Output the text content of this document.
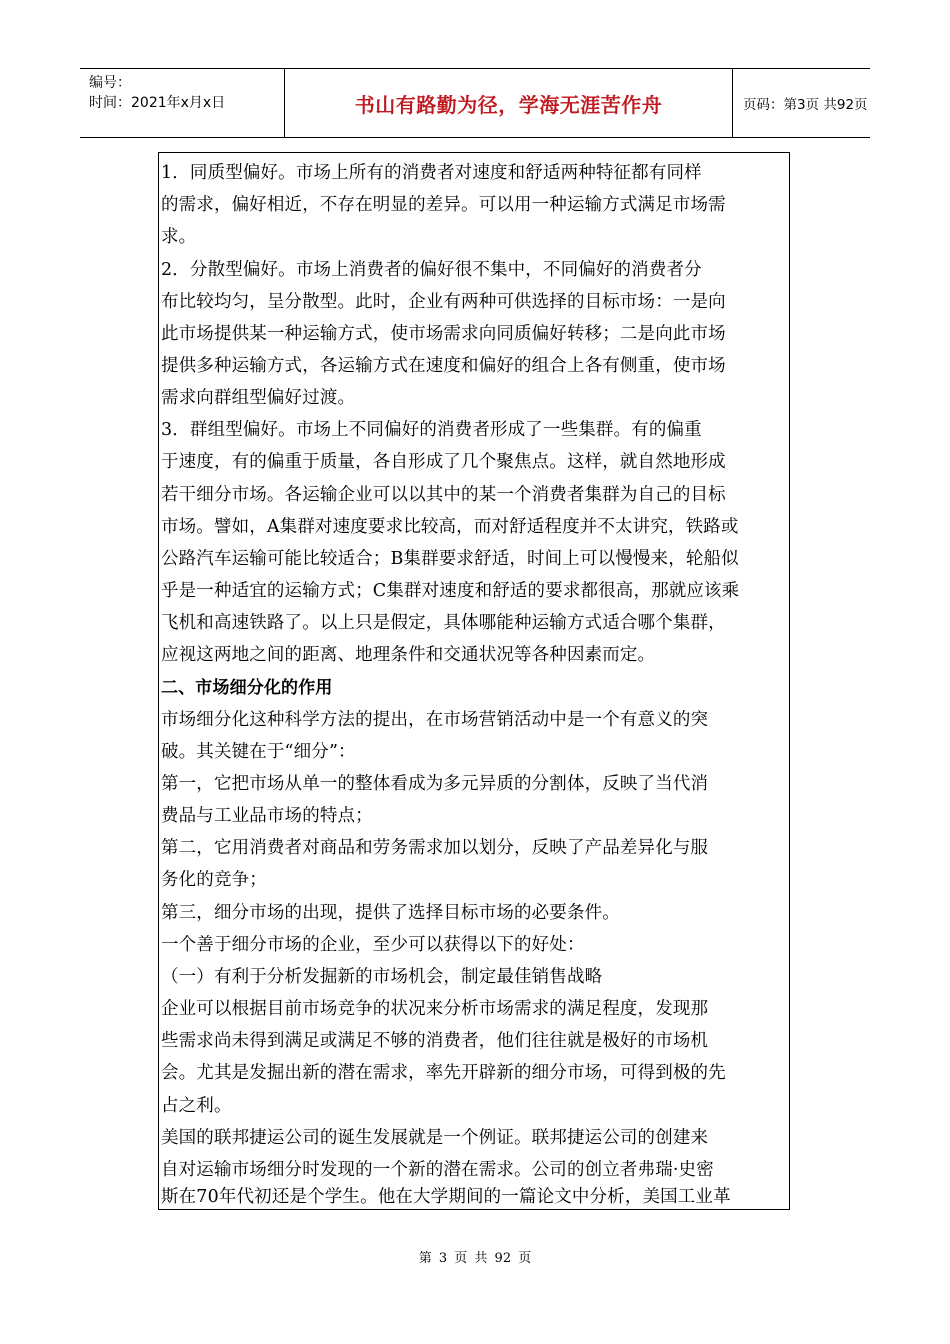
编号：
时间：2021年x月x日	书山有路勤为径，学海无涯苦作舟	页码：第3页 共92页
1．同质型偏好。市场上所有的消费者对速度和舒适两种特征都有同样
的需求，偏好相近，不存在明显的差异。可以用一种运输方式满足市场需
求。
2．分散型偏好。市场上消费者的偏好很不集中，不同偏好的消费者分
布比较均匀，呈分散型。此时，企业有两种可供选择的目标市场：一是向
此市场提供某一种运输方式，使市场需求向同质偏好转移；二是向此市场
提供多种运输方式，各运输方式在速度和偏好的组合上各有侧重，使市场
需求向群组型偏好过渡。
3．群组型偏好。市场上不同偏好的消费者形成了一些集群。有的偏重
于速度，有的偏重于质量，各自形成了几个聚焦点。这样，就自然地形成
若干细分市场。各运输企业可以以其中的某一个消费者集群为自己的目标
市场。譬如，A集群对速度要求比较高，而对舒适程度并不太讲究，铁路或
公路汽车运输可能比较适合；B集群要求舒适，时间上可以慢慢来，轮船似
乎是一种适宜的运输方式；C集群对速度和舒适的要求都很高，那就应该乘
飞机和高速铁路了。以上只是假定，具体哪能种运输方式适合哪个集群，
应视这两地之间的距离、地理条件和交通状况等各种因素而定。
二、市场细分化的作用
市场细分化这种科学方法的提出，在市场营销活动中是一个有意义的突
破。其关键在于“细分”：
第一，它把市场从单一的整体看成为多元异质的分割体，反映了当代消
费品与工业品市场的特点；
第二，它用消费者对商品和劳务需求加以划分，反映了产品差异化与服
务化的竞争；
第三，细分市场的出现，提供了选择目标市场的必要条件。
一个善于细分市场的企业，至少可以获得以下的好处：
（一）有利于分析发掘新的市场机会，制定最佳销售战略
企业可以根据目前市场竞争的状况来分析市场需求的满足程度，发现那
些需求尚未得到满足或满足不够的消费者，他们往往就是极好的市场机
会。尤其是发掘出新的潜在需求，率先开辟新的细分市场，可得到极的先
占之利。
美国的联邦捷运公司的诞生发展就是一个例证。联邦捷运公司的创建来
自对运输市场细分时发现的一个新的潜在需求。公司的创立者弗瑞·史密
斯在70年代初还是个学生。他在大学期间的一篇论文中分析，美国工业革
第 3 页 共 92 页
